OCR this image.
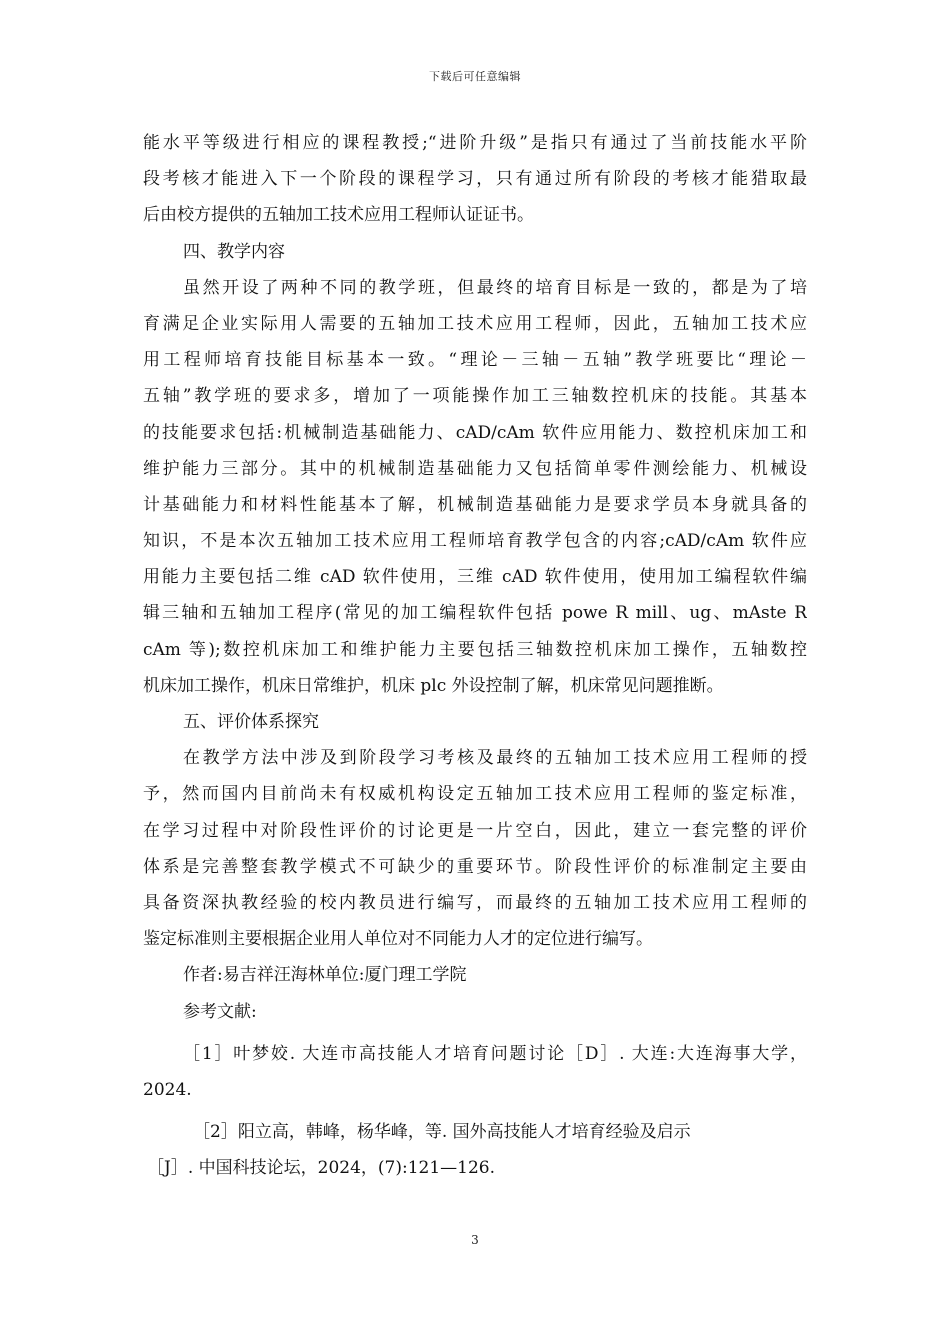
下载后可任意编辑
能水平等级进行相应的课程教授;“进阶升级”是指只有通过了当前技能水平阶
段考核才能进入下一个阶段的课程学习，只有通过所有阶段的考核才能猎取最
后由校方提供的五轴加工技术应用工程师认证证书。
四、教学内容
虽然开设了两种不同的教学班，但最终的培育目标是一致的，都是为了培
育满足企业实际用人需要的五轴加工技术应用工程师，因此，五轴加工技术应
用工程师培育技能目标基本一致。“理论－三轴－五轴”教学班要比“理论－
五轴”教学班的要求多，增加了一项能操作加工三轴数控机床的技能。其基本
的技能要求包括:机械制造基础能力、cAD/cAm 软件应用能力、数控机床加工和
维护能力三部分。其中的机械制造基础能力又包括简单零件测绘能力、机械设
计基础能力和材料性能基本了解，机械制造基础能力是要求学员本身就具备的
知识，不是本次五轴加工技术应用工程师培育教学包含的内容;cAD/cAm 软件应
用能力主要包括二维 cAD 软件使用，三维 cAD 软件使用，使用加工编程软件编
辑三轴和五轴加工程序(常见的加工编程软件包括 powe R mill、ug、mAste R
cAm 等);数控机床加工和维护能力主要包括三轴数控机床加工操作，五轴数控
机床加工操作，机床日常维护，机床 plc 外设控制了解，机床常见问题推断。
五、评价体系探究
在教学方法中涉及到阶段学习考核及最终的五轴加工技术应用工程师的授
予，然而国内目前尚未有权威机构设定五轴加工技术应用工程师的鉴定标准，
在学习过程中对阶段性评价的讨论更是一片空白，因此，建立一套完整的评价
体系是完善整套教学模式不可缺少的重要环节。阶段性评价的标准制定主要由
具备资深执教经验的校内教员进行编写，而最终的五轴加工技术应用工程师的
鉴定标准则主要根据企业用人单位对不同能力人才的定位进行编写。
作者:易吉祥汪海林单位:厦门理工学院
参考文献:
［1］叶梦姣. 大连市高技能人才培育问题讨论［D］. 大连:大连海事大学，
2024.
［2］阳立高，韩峰，杨华峰，等. 国外高技能人才培育经验及启示
［J］. 中国科技论坛，2024，(7):121—126.
3
